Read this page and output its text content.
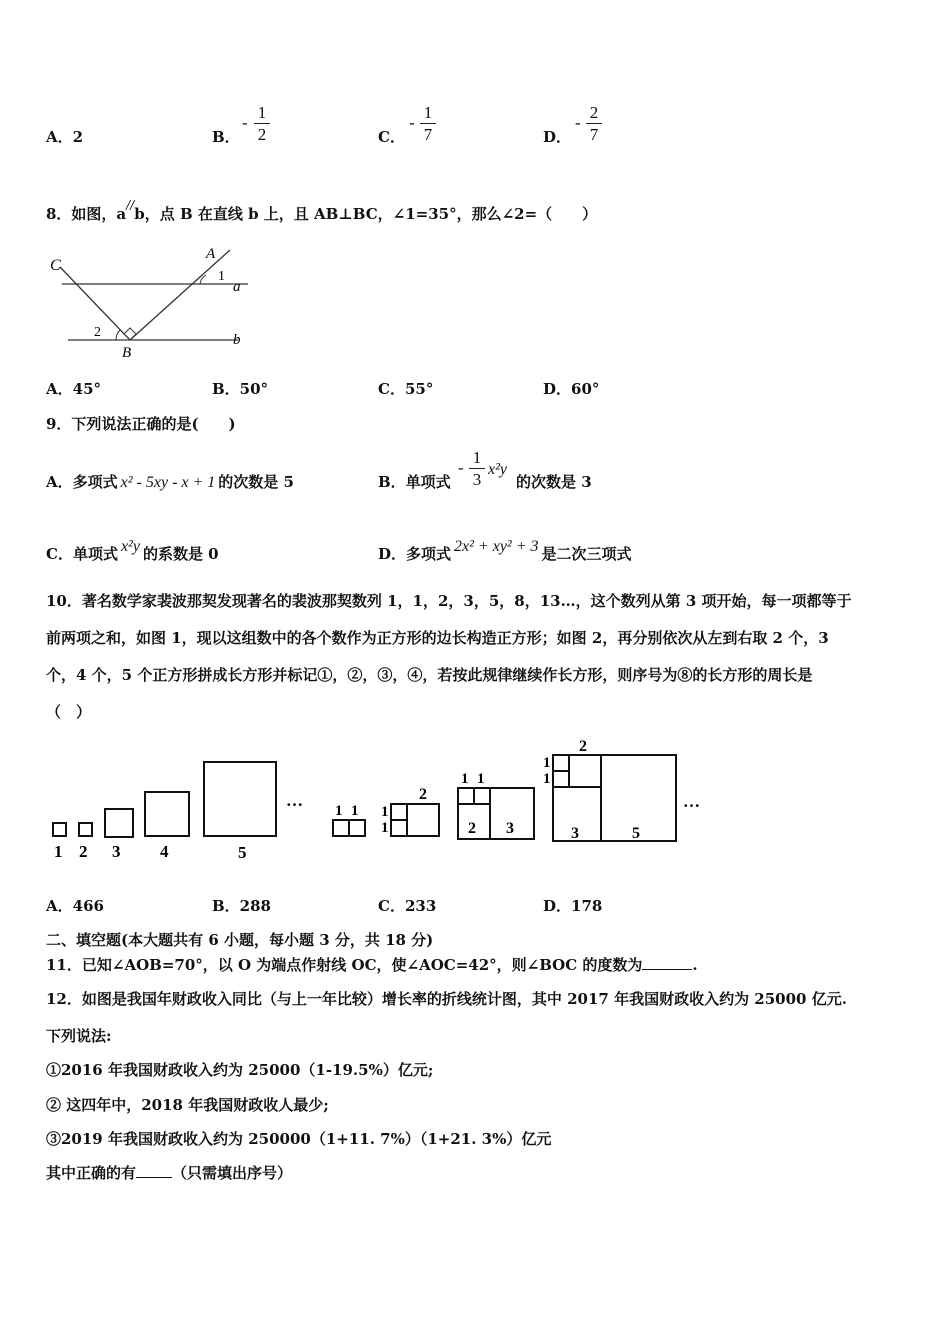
A．2	B．
-
1
2	C．
-
1
7	D．
-
2
7
8．如图，a//b，点 B 在直线 b 上，且 AB⊥BC，∠1=35°，那么∠2=（　　）
C
A
1
a
2
B
b
A．45°	B．50°	C．55°	D．60°
9．下列说法正确的是(　　)
A．多项式 x² - 5xy - x + 1 的次数是 5	B．单项式
-
1
3
x²y
的次数是 3
C．单项式 x²y 的系数是 0	D．多项式 2x² + xy² + 3 是二次三项式
10．著名数学家裴波那契发现著名的裴波那契数列 1，1，2，3，5，8，13…，这个数列从第 3 项开始，每一项都等于
前两项之和，如图 1，现以这组数中的各个数作为正方形的边长构造正方形；如图 2，再分别依次从左到右取 2 个，3
个，4 个，5 个正方形拼成长方形并标记①，②，③，④，若按此规律继续作长方形，则序号为⑧的长方形的周长是
（　）
1 2 3 4	5
…
1 1 1
1
2
1 1
2 3
2
1
1
3	5
…
A．466	B．288	C．233	D．178
二、填空题(本大题共有 6 小题，每小题 3 分，共 18 分)
11．已知∠AOB=70°，以 O 为端点作射线 OC，使∠AOC=42°，则∠BOC 的度数为	.
12．如图是我国年财政收入同比（与上一年比较）增长率的折线统计图，其中 2017 年我国财政收入约为 25000 亿元.
下列说法:
①2016 年我国财政收入约为 25000（1-19.5%）亿元;
② 这四年中，2018 年我国财政收人最少;
③2019 年我国财政收入约为 250000（1+11. 7%）（1+21. 3%）亿元
其中正确的有 （只需填出序号）
